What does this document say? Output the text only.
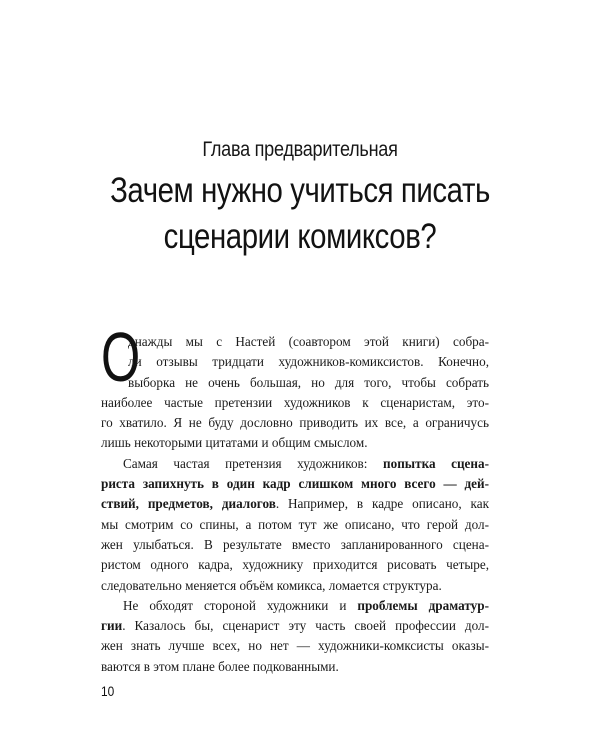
Глава предварительная
Зачем нужно учиться писать
сценарии комиксов?
О
днажды мы с Настей (соавтором этой книги) собра-
ли отзывы тридцати художников-комиксистов. Конечно,
выборка не очень большая, но для того, чтобы собрать
наиболее частые претензии художников к сценаристам, это-
го хватило. Я не буду дословно приводить их все, а ограничусь
лишь некоторыми цитатами и общим смыслом.
Самая частая претензия художников: попытка сцена-
риста запихнуть в один кадр слишком много всего — дей-
ствий, предметов, диалогов. Например, в кадре описано, как
мы смотрим со спины, а потом тут же описано, что герой дол-
жен улыбаться. В результате вместо запланированного сцена-
ристом одного кадра, художнику приходится рисовать четыре,
следовательно меняется объём комикса, ломается структура.
Не обходят стороной художники и проблемы драматур-
гии. Казалось бы, сценарист эту часть своей профессии дол-
жен знать лучше всех, но нет — художники-комксисты оказы-
ваются в этом плане более подкованными.
10
